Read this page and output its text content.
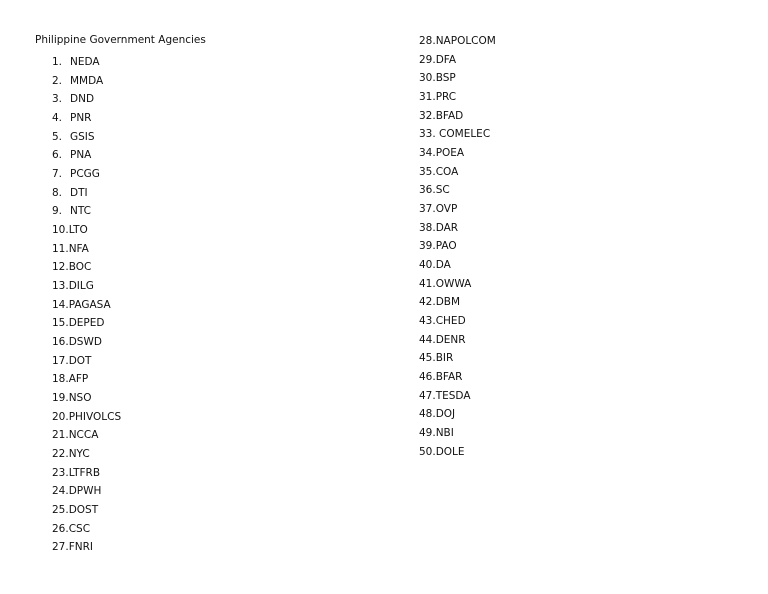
Philippine Government Agencies
1. NEDA
2. MMDA
3. DND
4. PNR
5. GSIS
6. PNA
7. PCGG
8. DTI
9. NTC
10.LTO
11.NFA
12.BOC
13.DILG
14.PAGASA
15.DEPED
16.DSWD
17.DOT
18.AFP
19.NSO
20.PHIVOLCS
21.NCCA
22.NYC
23.LTFRB
24.DPWH
25.DOST
26.CSC
27.FNRI
28.NAPOLCOM
29.DFA
30.BSP
31.PRC
32.BFAD
33. COMELEC
34.POEA
35.COA
36.SC
37.OVP
38.DAR
39.PAO
40.DA
41.OWWA
42.DBM
43.CHED
44.DENR
45.BIR
46.BFAR
47.TESDA
48.DOJ
49.NBI
50.DOLE
